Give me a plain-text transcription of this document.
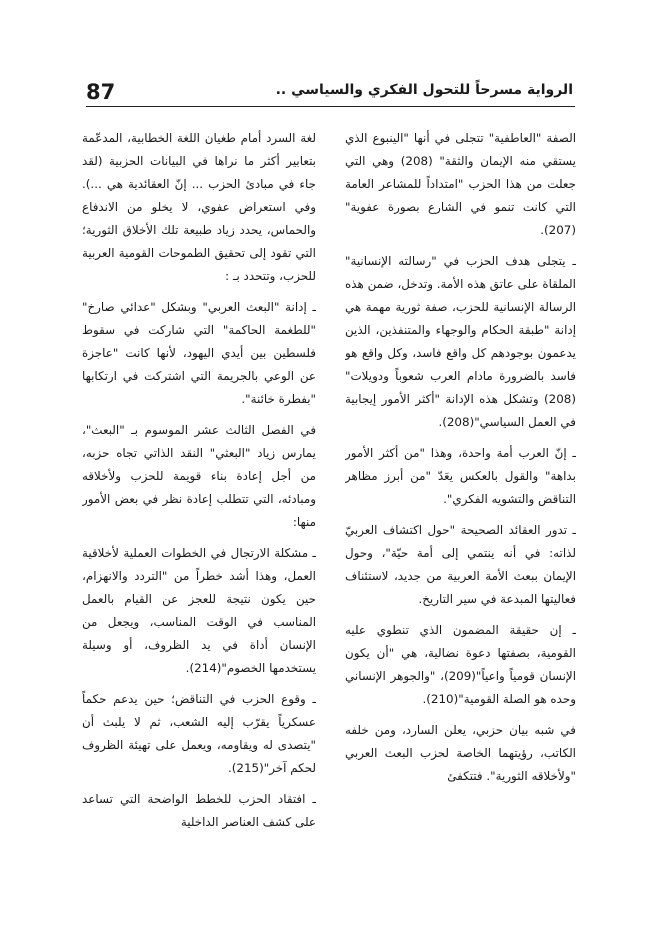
87	الرواية مسرحاً للتحول الفكري والسياسي ..

الصفة "العاطفية" تتجلى في أنها "الينبوع الذي يستقي منه الإيمان والثقة" (208) وهي التي جعلت من هذا الحزب "امتداداً للمشاعر العامة التي كانت تنمو في الشارع بصورة عفوية"(207).

ـ يتجلى هدف الحزب في "رسالته الإنسانية" الملقاة على عاتق هذه الأمة. وتدخل، ضمن هذه الرسالة الإنسانية للحزب، صفة ثورية مهمة هي إدانة "طبقة الحكام والوجهاء والمتنفذين، الذين يدعمون بوجودهم كل واقع فاسد، وكل واقع هو فاسد بالضرورة مادام العرب شعوباً ودويلات" (208) وتشكل هذه الإدانة "أكثر الأمور إيجابية في العمل السياسي"(208).

ـ إنّ العرب أمة واحدة، وهذا "من أكثر الأمور بداهة" والقول بالعكس يعَدّ "من أبرز مظاهر التناقض والتشويه الفكري".

ـ تدور العقائد الصحيحة "حول اكتشاف العربيّ لذاته: في أنه ينتمي إلى أمة حيّة"، وحول الإيمان ببعث الأمة العربية من جديد، لاستئناف فعاليتها المبدعة في سير التاريخ.

ـ إن حقيقة المضمون الذي تنطوي عليه القومية، بصفتها دعوة نضالية، هي "أن يكون الإنسان قومياً واعياً"(209)، "والجوهر الإنساني وحده هو الصلة القومية"(210).

في شبه بيان حزبي، يعلن السارد، ومن خلفه الكاتب، رؤيتهما الخاصة لحزب البعث العربي "ولأخلاقه الثورية". فتتكفىٔ

لغة السرد أمام طغيان اللغة الخطابية، المدعّمة بتعابير أكثر ما نراها في البيانات الحزبية (لقد جاء في مبادئ الحزب ... إنّ العقائدية هي ...). وفي استعراض عفوي، لا يخلو من الاندفاع والحماس، يحدد زياد طبيعة تلك الأخلاق الثورية؛ التي تقود إلى تحقيق الطموحات القومية العربية للحزب، وتتحدد بـ :

ـ إدانة "البعث العربي" وبشكل "عدائي صارخ" "للطغمة الحاكمة" التي شاركت في سقوط فلسطين بين أيدي اليهود، لأنها كانت "عاجزة عن الوعي بالجريمة التي اشتركت في ارتكابها "بفطرة خائنة".

في الفصل الثالث عشر الموسوم بـ "البعث"، يمارس زياد "البعثي" النقد الذاتي تجاه حزبه، من أجل إعادة بناء قويمة للحزب ولأخلاقه ومبادئه، التي تتطلب إعادة نظر في بعض الأمور منها:

ـ مشكلة الارتجال في الخطوات العملية لأخلاقية العمل، وهذا أشد خطراً من "التردد والانهزام، حين يكون نتيجة للعجز عن القيام بالعمل المناسب في الوقت المناسب، ويجعل من الإنسان أداة في يد الظروف، أو وسيلة يستخدمها الخصوم"(214).

ـ وقوع الحزب في التناقض؛ حين يدعم حكماً عسكرياً يقرّب إليه الشعب، ثم لا يلبث أن "يتصدى له ويقاومه، ويعمل على تهيئة الظروف لحكم آخر"(215).

ـ افتقاد الحزب للخطط الواضحة التي تساعد على كشف العناصر الداخلية
